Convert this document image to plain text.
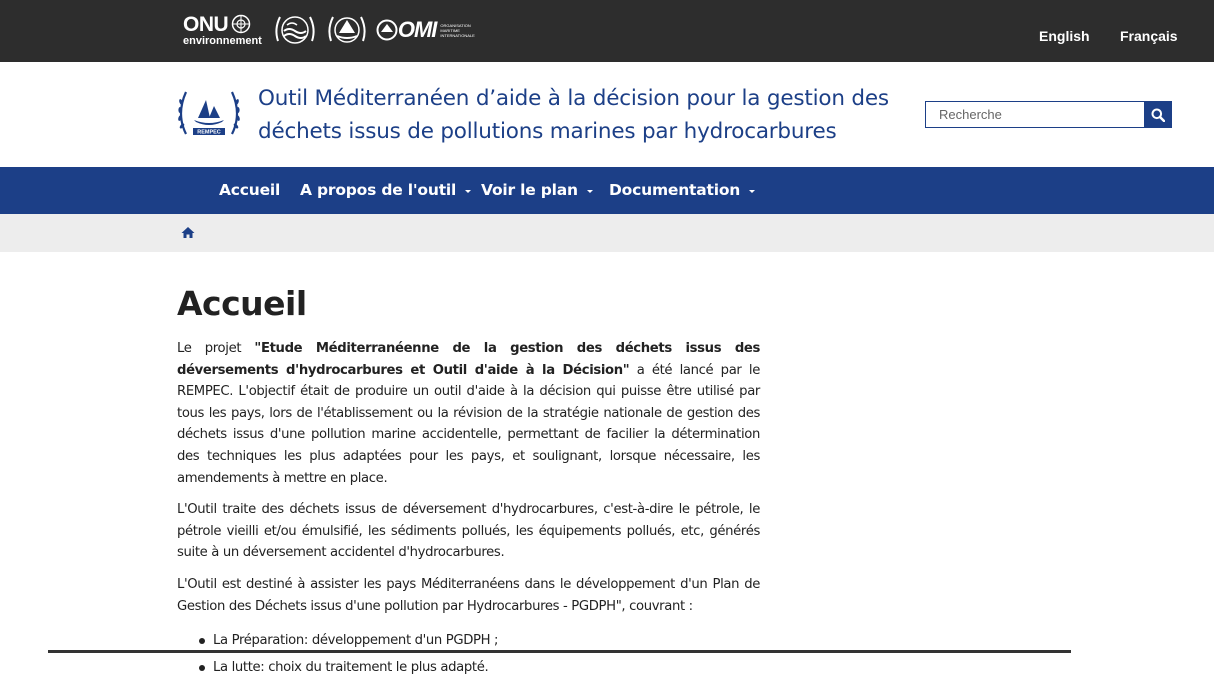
ONU
environnement	OMI ORGANISATION
MARITIME
INTERNATIONALE	English Français
REMPEC
Outil Méditerranéen d’aide à la décision pour la gestion des déchets issus de pollutions marines par hydrocarbures
Recherche
Accueil A propos de l'outil Voir le plan Documentation
Accueil

Le projet "Etude Méditerranéenne de la gestion des déchets issus des déversements d'hydrocarbures et Outil d'aide à la Décision" a été lancé par le REMPEC. L'objectif était de produire un outil d'aide à la décision qui puisse être utilisé par tous les pays, lors de l'établissement ou la révision de la stratégie nationale de gestion des déchets issus d'une pollution marine accidentelle, permettant de facilier la détermination des techniques les plus adaptées pour les pays, et soulignant, lorsque nécessaire, les amendements à mettre en place.

L'Outil traite des déchets issus de déversement d'hydrocarbures, c'est-à-dire le pétrole, le pétrole vieilli et/ou émulsifié, les sédiments pollués, les équipements pollués, etc, générés suite à un déversement accidentel d'hydrocarbures.

L'Outil est destiné à assister les pays Méditerranéens dans le développement d'un Plan de Gestion des Déchets issus d'une pollution par Hydrocarbures - PGDPH", couvrant :

La Préparation: développement d'un PGDPH ;
La lutte: choix du traitement le plus adapté.
